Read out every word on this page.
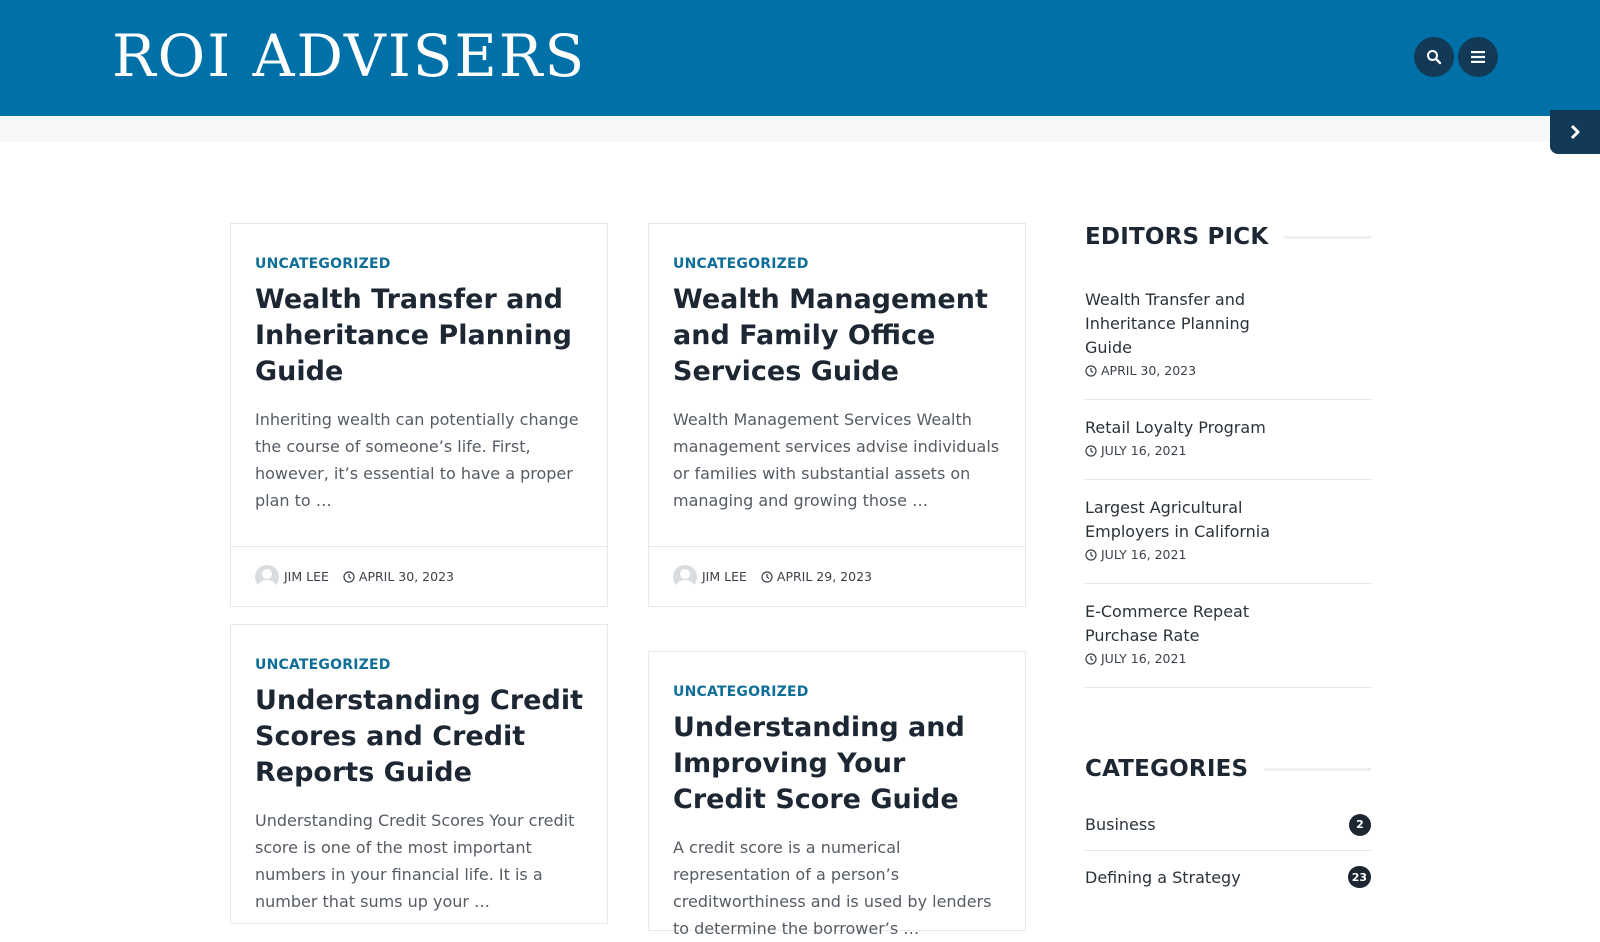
ROI ADVISERS
UNCATEGORIZED
Wealth Transfer and Inheritance Planning Guide
Inheriting wealth can potentially change the course of someone’s life. First, however, it’s essential to have a proper plan to …
JIM LEE APRIL 30, 2023
UNCATEGORIZED
Wealth Management and Family Office Services Guide
Wealth Management Services Wealth management services advise individuals or families with substantial assets on managing and growing those …
JIM LEE APRIL 29, 2023
UNCATEGORIZED
Understanding Credit Scores and Credit Reports Guide
Understanding Credit Scores Your credit score is one of the most important numbers in your financial life. It is a number that sums up your …
UNCATEGORIZED
Understanding and Improving Your Credit Score Guide
A credit score is a numerical representation of a person’s creditworthiness and is used by lenders to determine the borrower’s …
EDITORS PICK
Wealth Transfer and Inheritance Planning Guide
APRIL 30, 2023
Retail Loyalty Program
JULY 16, 2021
Largest Agricultural Employers in California
JULY 16, 2021
E-Commerce Repeat Purchase Rate
JULY 16, 2021
CATEGORIES
Business	2
Defining a Strategy	23
